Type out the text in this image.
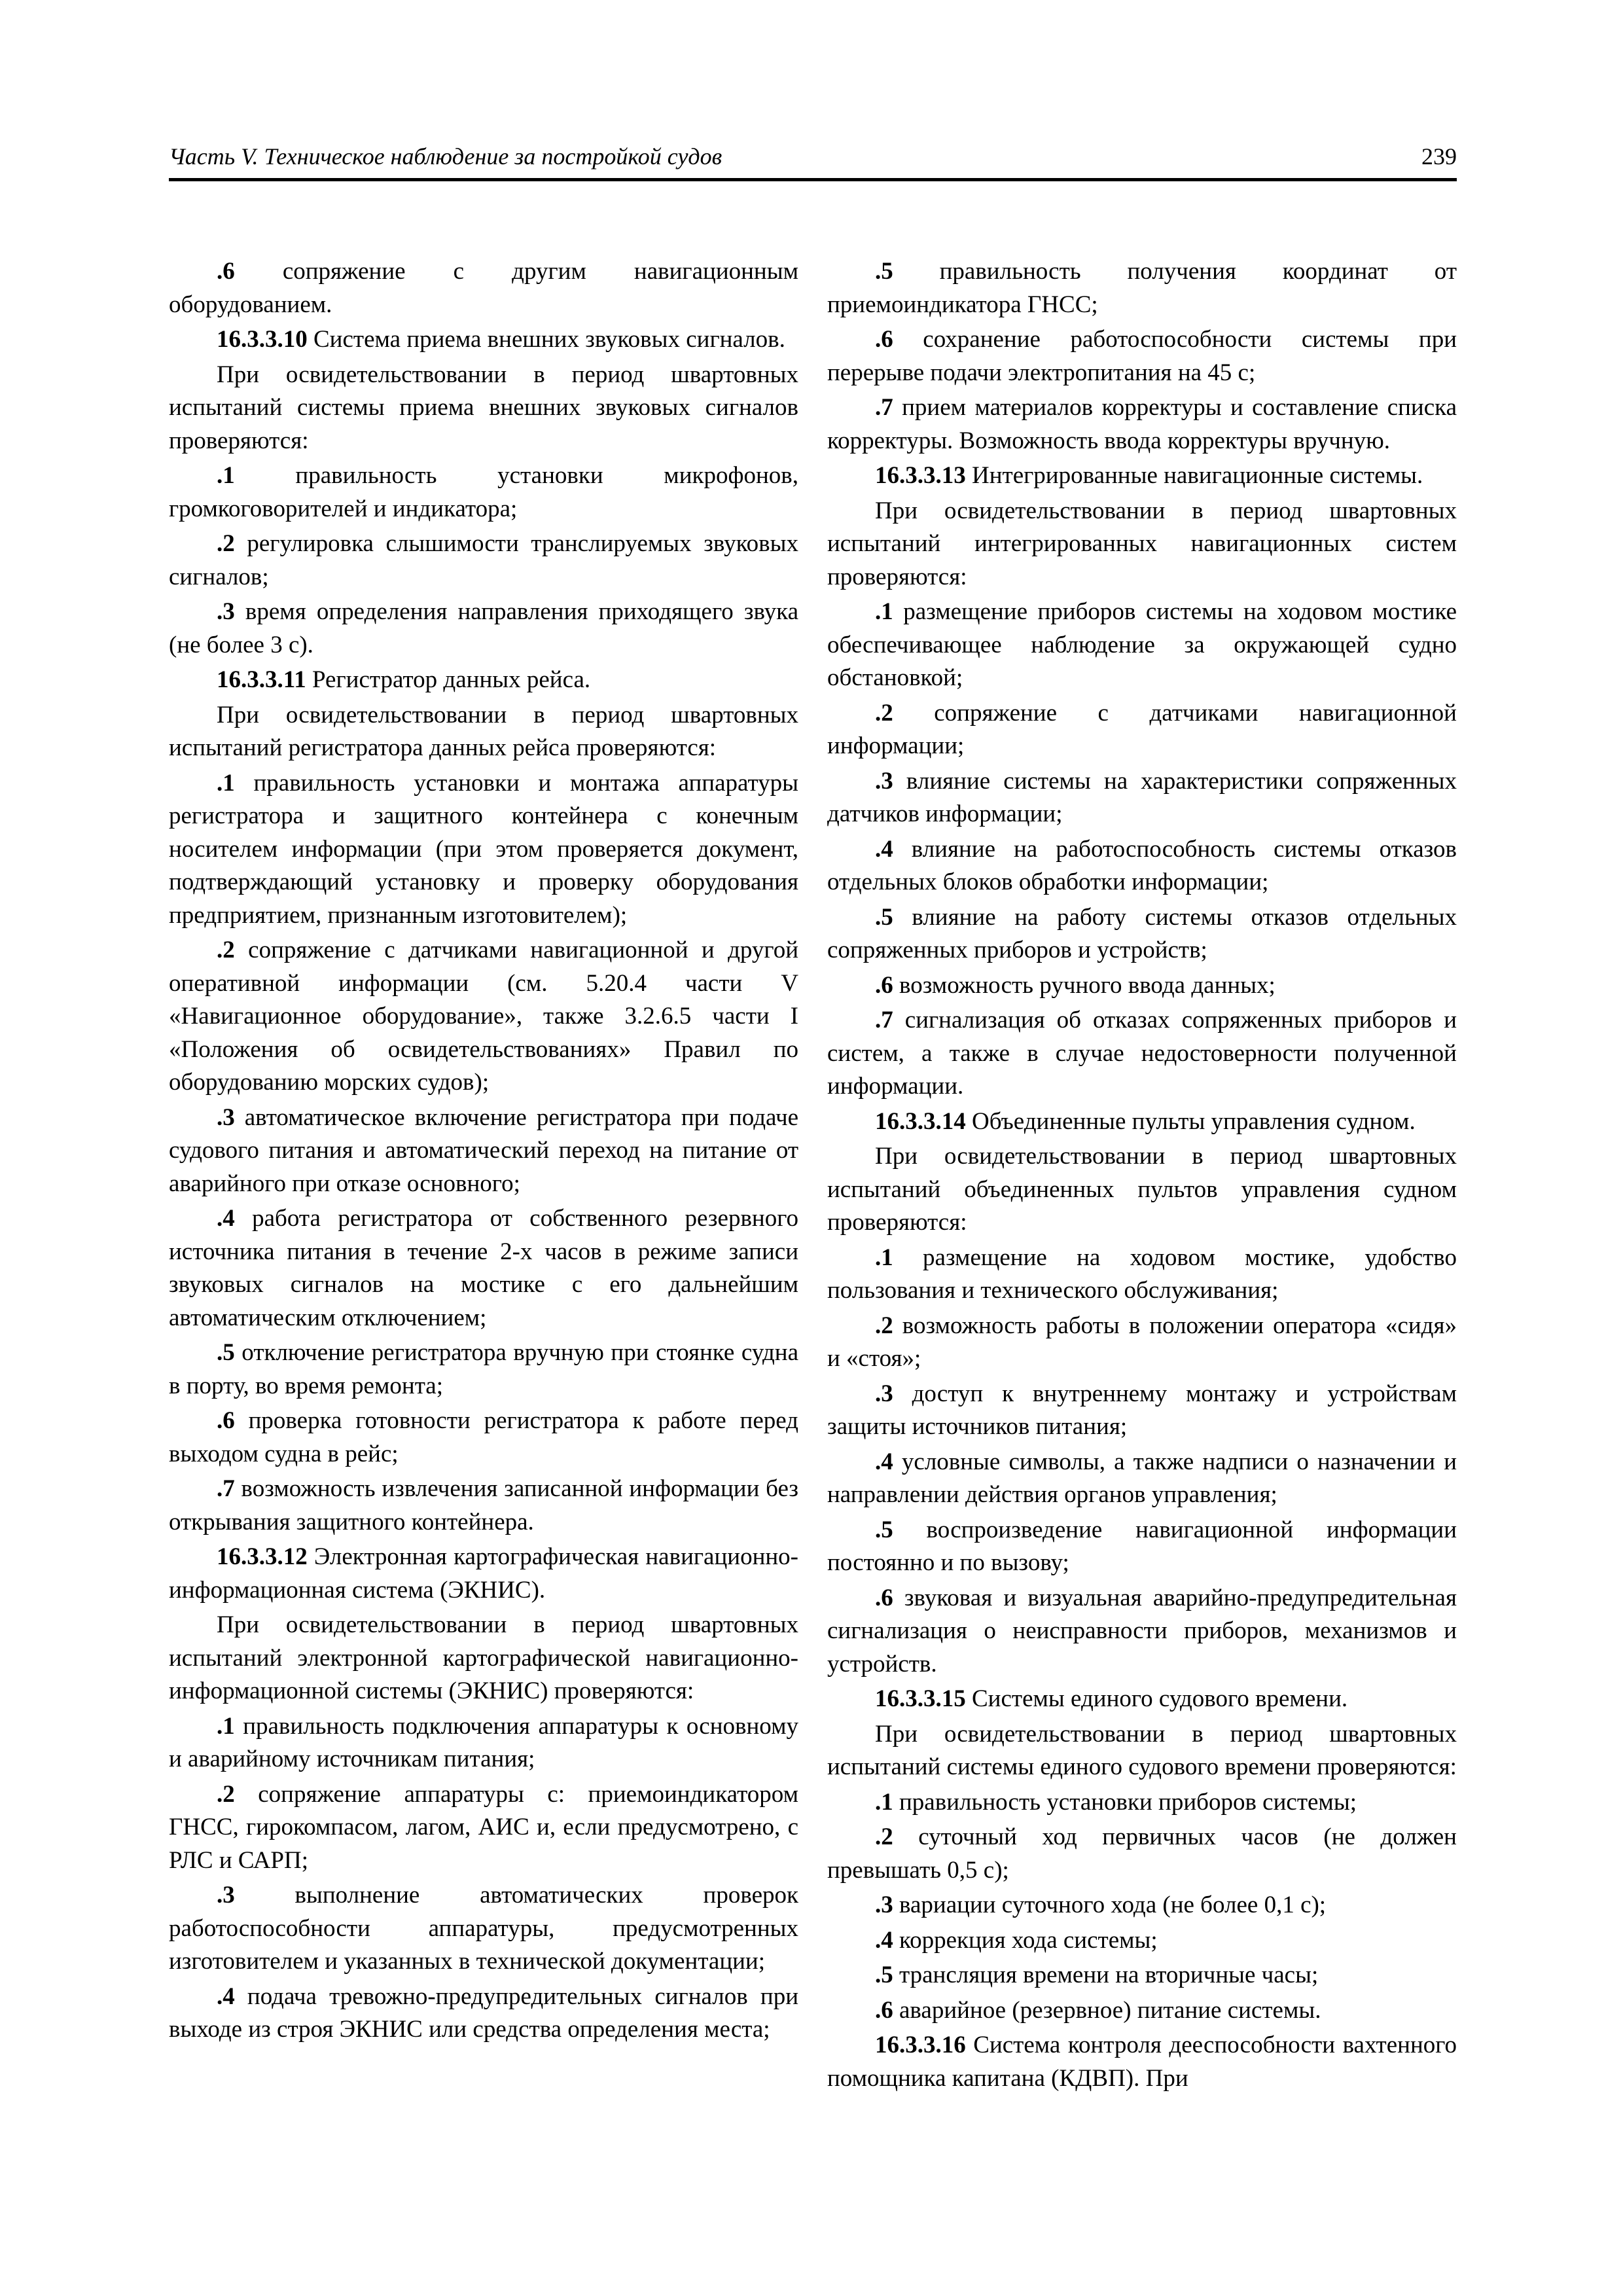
Часть V. Техническое наблюдение за постройкой судов	239

.6 сопряжение с другим навигационным оборудованием.

16.3.3.10 Система приема внешних звуковых сигналов.

При освидетельствовании в период швартовных испытаний системы приема внешних звуковых сигналов проверяются:

.1 правильность установки микрофонов, громкоговорителей и индикатора;

.2 регулировка слышимости транслируемых звуковых сигналов;

.3 время определения направления приходящего звука (не более 3 с).

16.3.3.11 Регистратор данных рейса.

При освидетельствовании в период швартовных испытаний регистратора данных рейса проверяются:

.1 правильность установки и монтажа аппаратуры регистратора и защитного контейнера с конечным носителем информации (при этом проверяется документ, подтверждающий установку и проверку оборудования предприятием, признанным изготовителем);

.2 сопряжение с датчиками навигационной и другой оперативной информации (см. 5.20.4 части V «Навигационное оборудование», также 3.2.6.5 части I «Положения об освидетельствованиях» Правил по оборудованию морских судов);

.3 автоматическое включение регистратора при подаче судового питания и автоматический переход на питание от аварийного при отказе основного;

.4 работа регистратора от собственного резервного источника питания в течение 2-х часов в режиме записи звуковых сигналов на мостике с его дальнейшим автоматическим отключением;

.5 отключение регистратора вручную при стоянке судна в порту, во время ремонта;

.6 проверка готовности регистратора к работе перед выходом судна в рейс;

.7 возможность извлечения записанной информации без открывания защитного контейнера.

16.3.3.12 Электронная картографическая навигационно-информационная система (ЭКНИС).

При освидетельствовании в период швартовных испытаний электронной картографической навигационно-информационной системы (ЭКНИС) проверяются:

.1 правильность подключения аппаратуры к основному и аварийному источникам питания;

.2 сопряжение аппаратуры с: приемоиндикатором ГНСС, гирокомпасом, лагом, АИС и, если предусмотрено, с РЛС и САРП;

.3 выполнение автоматических проверок работоспособности аппаратуры, предусмотренных изготовителем и указанных в технической документации;

.4 подача тревожно-предупредительных сигналов при выходе из строя ЭКНИС или средства определения места;

.5 правильность получения координат от приемоиндикатора ГНСС;

.6 сохранение работоспособности системы при перерыве подачи электропитания на 45 с;

.7 прием материалов корректуры и составление списка корректуры. Возможность ввода корректуры вручную.

16.3.3.13 Интегрированные навигационные системы.

При освидетельствовании в период швартовных испытаний интегрированных навигационных систем проверяются:

.1 размещение приборов системы на ходовом мостике обеспечивающее наблюдение за окружающей судно обстановкой;

.2 сопряжение с датчиками навигационной информации;

.3 влияние системы на характеристики сопряженных датчиков информации;

.4 влияние на работоспособность системы отказов отдельных блоков обработки информации;

.5 влияние на работу системы отказов отдельных сопряженных приборов и устройств;

.6 возможность ручного ввода данных;

.7 сигнализация об отказах сопряженных приборов и систем, а также в случае недостоверности полученной информации.

16.3.3.14 Объединенные пульты управления судном.

При освидетельствовании в период швартовных испытаний объединенных пультов управления судном проверяются:

.1 размещение на ходовом мостике, удобство пользования и технического обслуживания;

.2 возможность работы в положении оператора «сидя» и «стоя»;

.3 доступ к внутреннему монтажу и устройствам защиты источников питания;

.4 условные символы, а также надписи о назначении и направлении действия органов управления;

.5 воспроизведение навигационной информации постоянно и по вызову;

.6 звуковая и визуальная аварийно-предупредительная сигнализация о неисправности приборов, механизмов и устройств.

16.3.3.15 Системы единого судового времени.

При освидетельствовании в период швартовных испытаний системы единого судового времени проверяются:

.1 правильность установки приборов системы;

.2 суточный ход первичных часов (не должен превышать 0,5 с);

.3 вариации суточного хода (не более 0,1 с);

.4 коррекция хода системы;

.5 трансляция времени на вторичные часы;

.6 аварийное (резервное) питание системы.

16.3.3.16 Система контроля дееспособности вахтенного помощника капитана (КДВП). При
